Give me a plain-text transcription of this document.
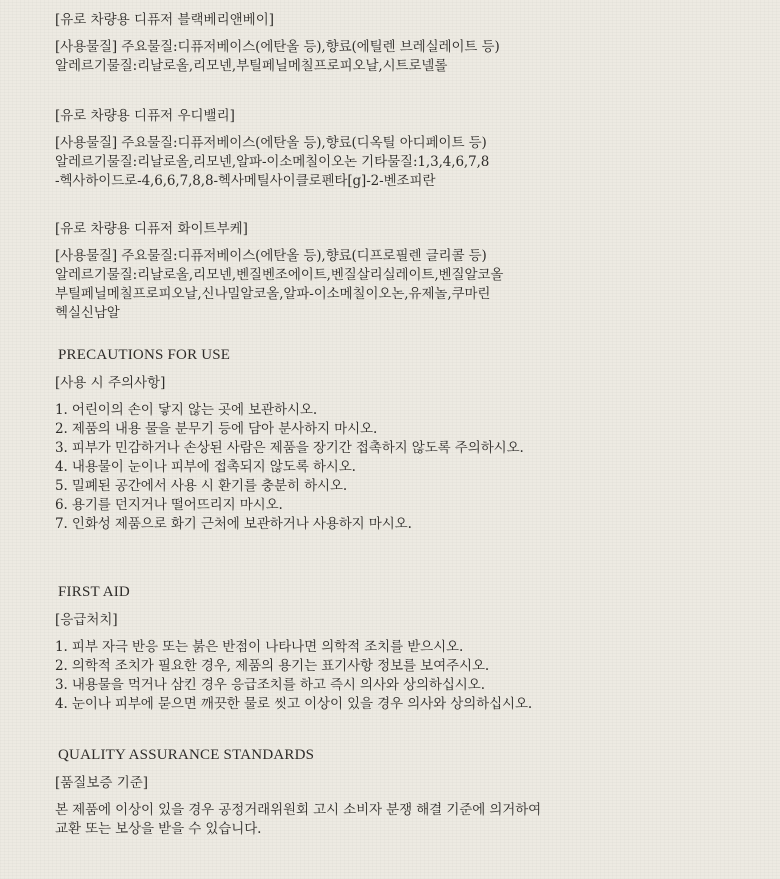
[유로 차량용 디퓨저 블랙베리앤베이]
[사용물질] 주요물질:디퓨저베이스(에탄올 등),향료(에틸렌 브레실레이트 등)
알레르기물질:리날로올,리모넨,부틸페닐메칠프로피오날,시트로넬롤
[유로 차량용 디퓨저 우디밸리]
[사용물질] 주요물질:디퓨저베이스(에탄올 등),향료(디옥틸 아디페이트 등)
알레르기물질:리날로올,리모넨,알파-이소메칠이오논 기타물질:1,3,4,6,7,8
-헥사하이드로-4,6,6,7,8,8-헥사메틸사이클로펜타[g]-2-벤조피란
[유로 차량용 디퓨저 화이트부케]
[사용물질] 주요물질:디퓨저베이스(에탄올 등),향료(디프로필렌 글리콜 등)
알레르기물질:리날로올,리모넨,벤질벤조에이트,벤질살리실레이트,벤질알코올
부틸페닐메칠프로피오날,신나밀알코올,알파-이소메칠이오논,유제놀,쿠마린
헥실신남알
PRECAUTIONS FOR USE
[사용 시 주의사항]
1. 어린이의 손이 닿지 않는 곳에 보관하시오.
2. 제품의 내용 물을 분무기 등에 담아 분사하지 마시오.
3. 피부가 민감하거나 손상된 사람은 제품을 장기간 접촉하지 않도록 주의하시오.
4. 내용물이 눈이나 피부에 접촉되지 않도록 하시오.
5. 밀폐된 공간에서 사용 시 환기를 충분히 하시오.
6. 용기를 던지거나 떨어뜨리지 마시오.
7. 인화성 제품으로 화기 근처에 보관하거나 사용하지 마시오.
FIRST AID
[응급처치]
1. 피부 자극 반응 또는 붉은 반점이 나타나면 의학적 조치를 받으시오.
2. 의학적 조치가 필요한 경우, 제품의 용기는 표기사항 정보를 보여주시오.
3. 내용물을 먹거나 삼킨 경우 응급조치를 하고 즉시 의사와 상의하십시오.
4. 눈이나 피부에 묻으면 깨끗한 물로 씻고 이상이 있을 경우 의사와 상의하십시오.
QUALITY ASSURANCE STANDARDS
[품질보증 기준]
본 제품에 이상이 있을 경우 공정거래위원회 고시 소비자 분쟁 해결 기준에 의거하여
교환 또는 보상을 받을 수 있습니다.
